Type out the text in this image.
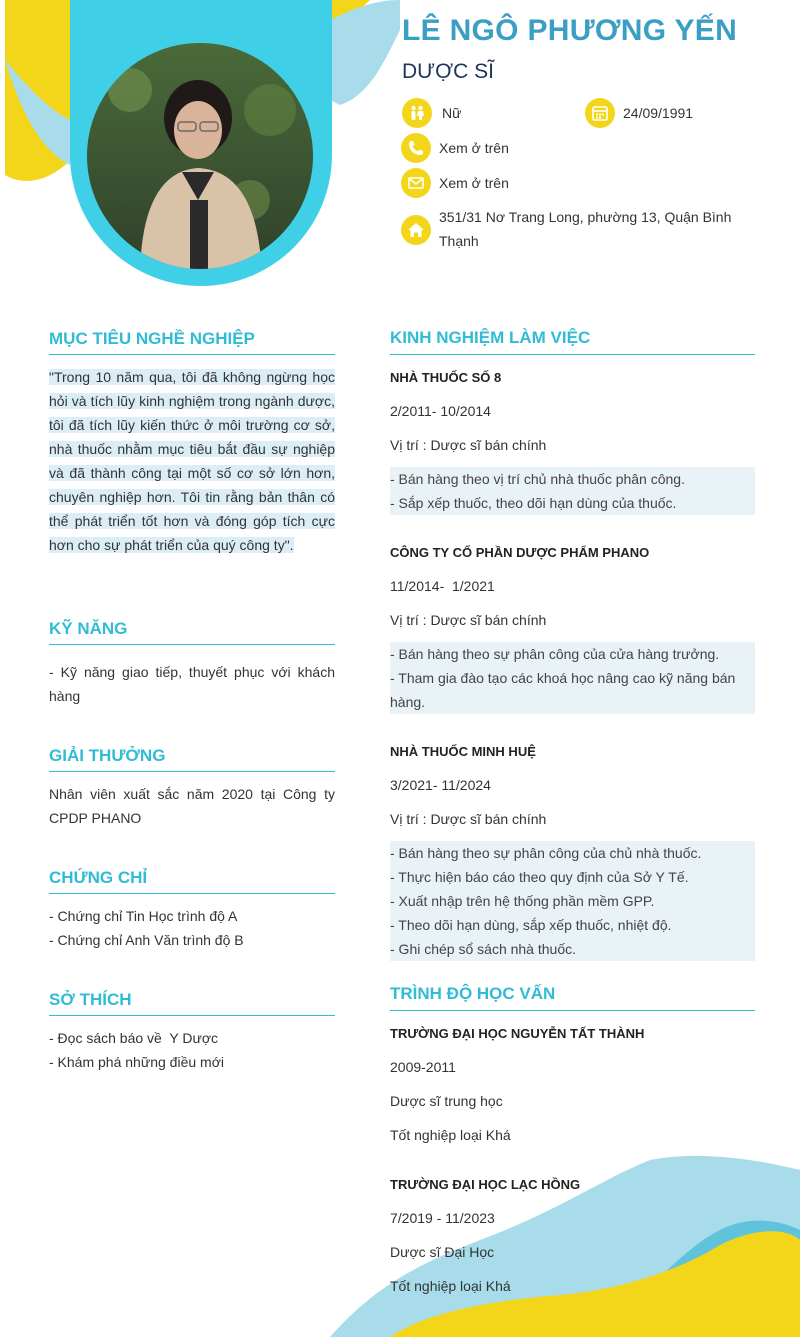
LÊ NGÔ PHƯƠNG YẾN
DƯỢC SĨ
Nữ	24/09/1991
Xem ở trên
Xem ở trên
351/31 Nơ Trang Long, phường 13, Quận Bình Thạnh
MỤC TIÊU NGHỀ NGHIỆP
"Trong 10 năm qua, tôi đã không ngừng học hỏi và tích lũy kinh nghiệm trong ngành dược, tôi đã tích lũy kiến thức ở môi trường cơ sở, nhà thuốc nhằm mục tiêu bắt đầu sự nghiệp và đã thành công tại một số cơ sở lớn hơn, chuyên nghiệp hơn. Tôi tin rằng bản thân có thể phát triển tốt hơn và đóng góp tích cực hơn cho sự phát triển của quý công ty".
KỸ NĂNG
- Kỹ năng giao tiếp, thuyết phục với khách hàng
GIẢI THƯỞNG
Nhân viên xuất sắc năm 2020 tại Công ty CPDP PHANO
CHỨNG CHỈ
- Chứng chỉ Tin Học trình độ A
- Chứng chỉ Anh Văn trình độ B
SỞ THÍCH
- Đọc sách báo về  Y Dược
- Khám phá những điều mới
KINH NGHIỆM LÀM VIỆC
NHÀ THUỐC SỐ 8
2/2011- 10/2014
Vị trí : Dược sĩ bán chính
- Bán hàng theo vị trí chủ nhà thuốc phân công.
- Sắp xếp thuốc, theo dõi hạn dùng của thuốc.
CÔNG TY CỔ PHẦN DƯỢC PHẨM PHANO
11/2014-  1/2021
Vị trí : Dược sĩ bán chính
- Bán hàng theo sự phân công của cửa hàng trưởng.
- Tham gia đào tạo các khoá học nâng cao kỹ năng bán hàng.
NHÀ THUỐC MINH HUỆ
3/2021- 11/2024
Vị trí : Dược sĩ bán chính
- Bán hàng theo sự phân công của chủ nhà thuốc.
- Thực hiện báo cáo theo quy định của Sở Y Tế.
- Xuất nhập trên hệ thống phần mềm GPP.
- Theo dõi hạn dùng, sắp xếp thuốc, nhiệt độ.
- Ghi chép sổ sách nhà thuốc.
TRÌNH ĐỘ HỌC VẤN
TRƯỜNG ĐẠI HỌC NGUYỄN TẤT THÀNH
2009-2011
Dược sĩ trung học
Tốt nghiệp loại Khá
TRƯỜNG ĐẠI HỌC LẠC HỒNG
7/2019 - 11/2023
Dược sĩ Đại Học
Tốt nghiệp loại Khá
